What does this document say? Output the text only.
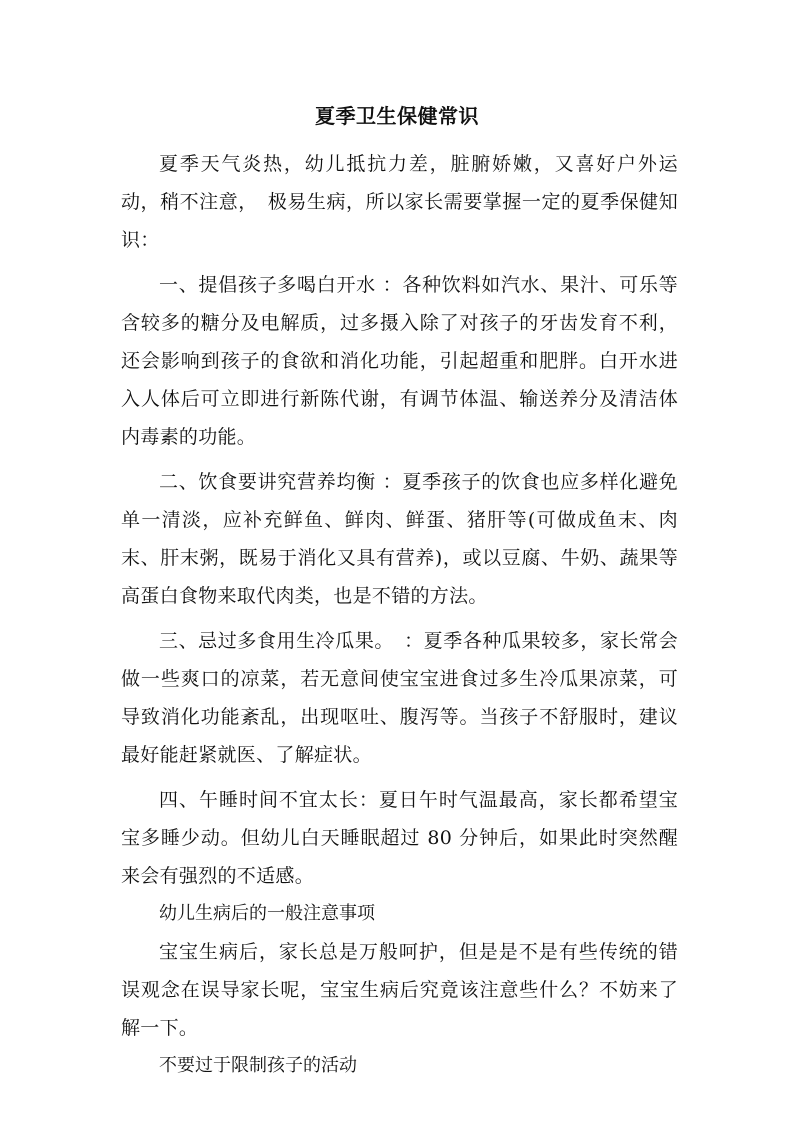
夏季卫生保健常识

夏季天气炎热，幼儿抵抗力差，脏腑娇嫩，又喜好户外运动，稍不注意，　极易生病，所以家长需要掌握一定的夏季保健知识：

一、提倡孩子多喝白开水 ：各种饮料如汽水、果汁、可乐等含较多的糖分及电解质，过多摄入除了对孩子的牙齿发育不利，还会影响到孩子的食欲和消化功能，引起超重和肥胖。白开水进入人体后可立即进行新陈代谢，有调节体温、输送养分及清洁体内毒素的功能。

二、饮食要讲究营养均衡 ：夏季孩子的饮食也应多样化避免单一清淡，应补充鲜鱼、鲜肉、鲜蛋、猪肝等(可做成鱼末、肉末、肝末粥，既易于消化又具有营养)，或以豆腐、牛奶、蔬果等高蛋白食物来取代肉类，也是不错的方法。

三、忌过多食用生冷瓜果。　：夏季各种瓜果较多，家长常会做一些爽口的凉菜，若无意间使宝宝进食过多生冷瓜果凉菜，可导致消化功能紊乱，出现呕吐、腹泻等。当孩子不舒服时，建议最好能赶紧就医、了解症状。

四、午睡时间不宜太长：夏日午时气温最高，家长都希望宝宝多睡少动。但幼儿白天睡眠超过 80 分钟后，如果此时突然醒来会有强烈的不适感。

幼儿生病后的一般注意事项

宝宝生病后，家长总是万般呵护，但是是不是有些传统的错误观念在误导家长呢，宝宝生病后究竟该注意些什么？不妨来了解一下。

不要过于限制孩子的活动
